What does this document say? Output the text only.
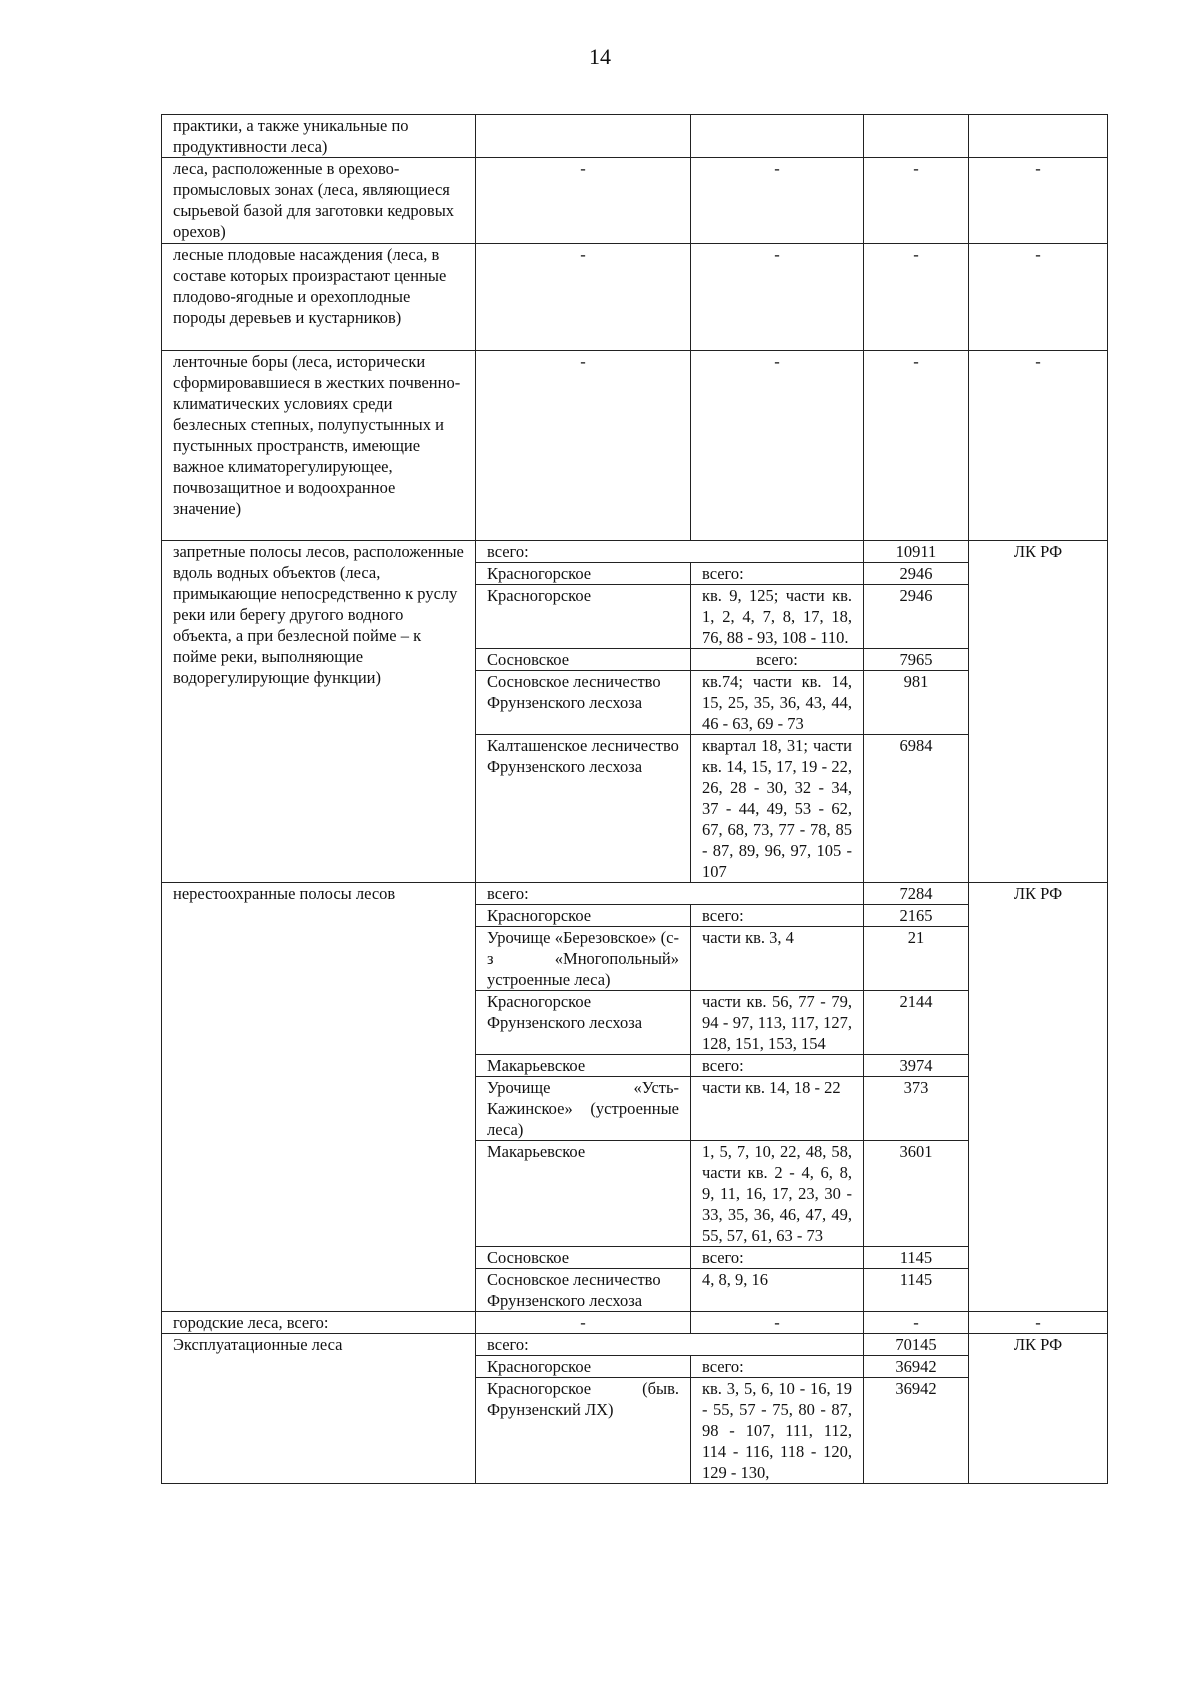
14
практики, а также уникальные по продуктивности леса)				
леса, расположенные в орехово-промысловых зонах (леса, являющиеся сырьевой базой для заготовки кедровых орехов)	-	-	-	-
лесные плодовые насаждения (леса, в составе которых произрастают ценные плодово-ягодные и орехоплодные породы деревьев и кустарников)	-	-	-	-
ленточные боры (леса, исторически сформировавшиеся в жестких почвенно-климатических условиях среди безлесных степных, полупустынных и пустынных пространств, имеющие важное климаторегулирующее, почвозащитное и водоохранное значение)	-	-	-	-
запретные полосы лесов, расположенные вдоль водных объектов (леса, примыкающие непосредственно к руслу реки или берегу другого водного объекта, а при безлесной пойме – к пойме реки, выполняющие водорегулирующие функции)	всего:		10911	ЛК РФ
	Красногорское	всего:	2946	
	Красногорское	кв. 9, 125; части кв. 1, 2, 4, 7, 8, 17, 18, 76, 88 - 93, 108 - 110.	2946	
	Сосновское	всего:	7965	
	Сосновское лесничество Фрунзенского лесхоза	кв.74; части кв. 14, 15, 25, 35, 36, 43, 44, 46 - 63, 69 - 73	981	
	Калташенское лесничество Фрунзенского лесхоза	квартал 18, 31; части кв. 14, 15, 17, 19 - 22, 26, 28 - 30, 32 - 34, 37 - 44, 49, 53 - 62, 67, 68, 73, 77 - 78, 85 - 87, 89, 96, 97, 105 - 107	6984	

нерестоохранные полосы лесов	всего:		7284	ЛК РФ
	Красногорское	всего:	2165	
	Урочище «Березовское» (с-з «Многопольный» устроенные леса)	части кв. 3, 4	21	
	Красногорское Фрунзенского лесхоза	части кв. 56, 77 - 79, 94 - 97, 113, 117, 127, 128, 151, 153, 154	2144	
	Макарьевское	всего:	3974	
	Урочище «Усть-Кажинское» (устроенные леса)	части кв. 14, 18 - 22	373	
	Макарьевское	1, 5, 7, 10, 22, 48, 58, части кв. 2 - 4, 6, 8, 9, 11, 16, 17, 23, 30 - 33, 35, 36, 46, 47, 49, 55, 57, 61, 63 - 73	3601	
	Сосновское	всего:	1145	
	Сосновское лесничество Фрунзенского лесхоза	4, 8, 9, 16	1145	

городские леса, всего:	-	-	-	-
Эксплуатационные леса	всего:		70145	ЛК РФ
	Красногорское	всего:	36942	
	Красногорское (быв. Фрунзенский ЛХ)	кв. 3, 5, 6, 10 - 16, 19 - 55, 57 - 75, 80 - 87, 98 - 107, 111, 112, 114 - 116, 118 - 120, 129 - 130,	36942	
